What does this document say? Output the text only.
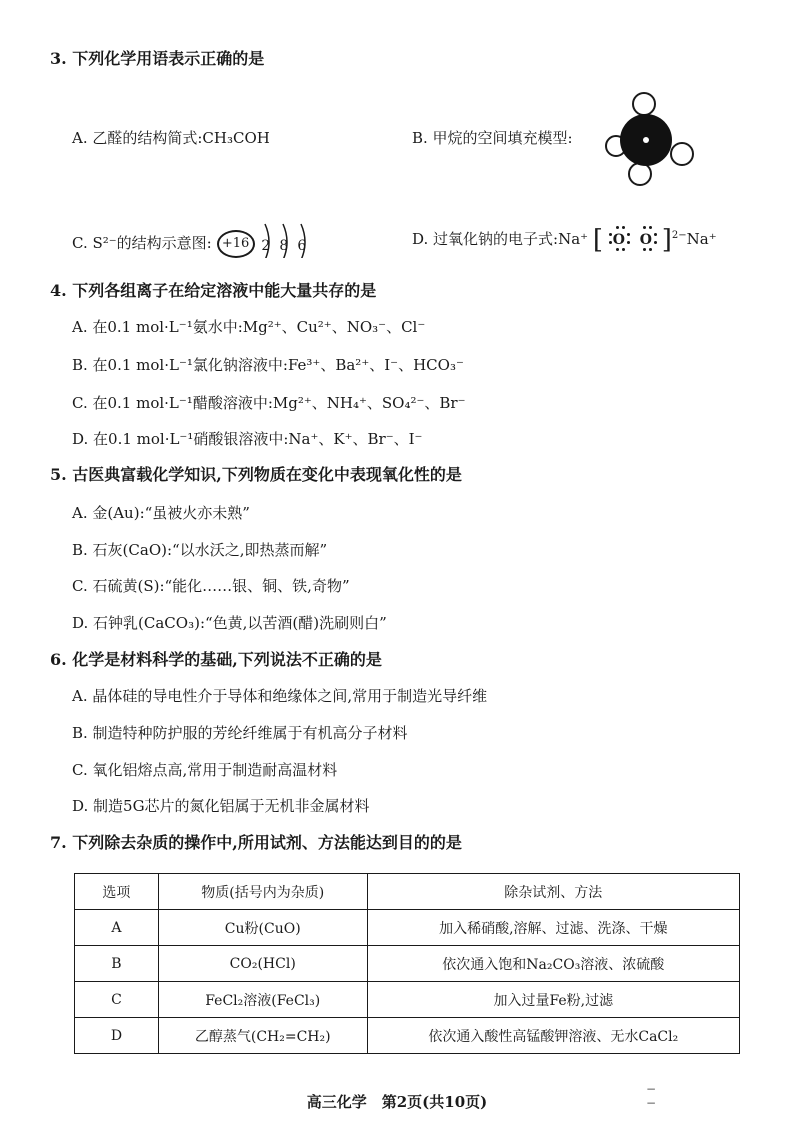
3. 下列化学用语表示正确的是
A. 乙醛的结构简式:CH₃COH	B. 甲烷的空间填充模型:
C. S²⁻的结构示意图: +16 2 8 6	D. 过氧化钠的电子式:Na⁺ [ O O ]$^{2-}$Na⁺
4. 下列各组离子在给定溶液中能大量共存的是
A. 在0.1 mol·L⁻¹氨水中:Mg²⁺、Cu²⁺、NO₃⁻、Cl⁻
B. 在0.1 mol·L⁻¹氯化钠溶液中:Fe³⁺、Ba²⁺、I⁻、HCO₃⁻
C. 在0.1 mol·L⁻¹醋酸溶液中:Mg²⁺、NH₄⁺、SO₄²⁻、Br⁻
D. 在0.1 mol·L⁻¹硝酸银溶液中:Na⁺、K⁺、Br⁻、I⁻
5. 古医典富载化学知识,下列物质在变化中表现氧化性的是
A. 金(Au):“虽被火亦未熟”
B. 石灰(CaO):“以水沃之,即热蒸而解”
C. 石硫黄(S):“能化……银、铜、铁,奇物”
D. 石钟乳(CaCO₃):“色黄,以苦酒(醋)洗刷则白”
6. 化学是材料科学的基础,下列说法不正确的是
A. 晶体硅的导电性介于导体和绝缘体之间,常用于制造光导纤维
B. 制造特种防护服的芳纶纤维属于有机高分子材料
C. 氧化铝熔点高,常用于制造耐高温材料
D. 制造5G芯片的氮化铝属于无机非金属材料
7. 下列除去杂质的操作中,所用试剂、方法能达到目的的是
选项	物质(括号内为杂质)	除杂试剂、方法
A	Cu粉(CuO)	加入稀硝酸,溶解、过滤、洗涤、干燥
B	CO₂(HCl)	依次通入饱和Na₂CO₃溶液、浓硫酸
C	FeCl₂溶液(FeCl₃)	加入过量Fe粉,过滤
D	乙醇蒸气(CH₂=CH₂)	依次通入酸性高锰酸钾溶液、无水CaCl₂
高三化学　第2页(共10页)
−
−
